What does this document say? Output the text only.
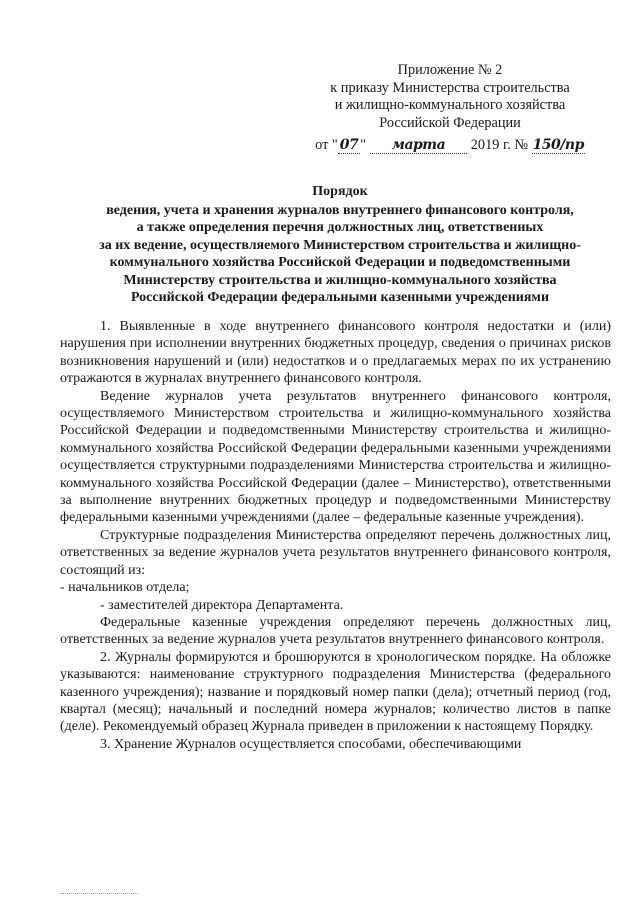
Приложение № 2
к приказу Министерства строительства
и жилищно-коммунального хозяйства
Российской Федерации
от " 07 " марта 2019 г. № 150/пр
Порядок
ведения, учета и хранения журналов внутреннего финансового контроля,
а также определения перечня должностных лиц, ответственных
за их ведение, осуществляемого Министерством строительства и жилищно-
коммунального хозяйства Российской Федерации и подведомственными
Министерству строительства и жилищно-коммунального хозяйства
Российской Федерации федеральными казенными учреждениями

1. Выявленные в ходе внутреннего финансового контроля недостатки и (или) нарушения при исполнении внутренних бюджетных процедур, сведения о причинах рисков возникновения нарушений и (или) недостатков и о предлагаемых мерах по их устранению отражаются в журналах внутреннего финансового контроля.

Ведение журналов учета результатов внутреннего финансового контроля, осуществляемого Министерством строительства и жилищно-коммунального хозяйства Российской Федерации и подведомственными Министерству строительства и жилищно-коммунального хозяйства Российской Федерации федеральными казенными учреждениями осуществляется структурными подразделениями Министерства строительства и жилищно-коммунального хозяйства Российской Федерации (далее – Министерство), ответственными за выполнение внутренних бюджетных процедур и подведомственными Министерству федеральными казенными учреждениями (далее – федеральные казенные учреждения).

Структурные подразделения Министерства определяют перечень должностных лиц, ответственных за ведение журналов учета результатов внутреннего финансового контроля, состоящий из:

- начальников отдела;

- заместителей директора Департамента.

Федеральные казенные учреждения определяют перечень должностных лиц, ответственных за ведение журналов учета результатов внутреннего финансового контроля.

2. Журналы формируются и брошюруются в хронологическом порядке. На обложке указываются: наименование структурного подразделения Министерства (федерального казенного учреждения); название и порядковый номер папки (дела); отчетный период (год, квартал (месяц); начальный и последний номера журналов; количество листов в папке (деле). Рекомендуемый образец Журнала приведен в приложении к настоящему Порядку.

3. Хранение Журналов осуществляется способами, обеспечивающими
